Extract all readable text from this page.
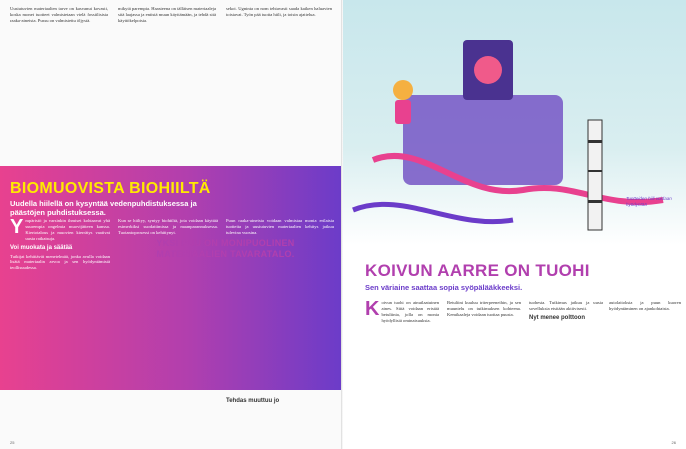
Uusiutuvien materiaalien tarve on kasvanut kovasti, koska monet tuotteet valmistetaan vielä fossiilisista raaka-aineista. Pussu on valmistettu öljystä.

mikytä parempia. Haasteena on tälläisen materiaaleja sitä laajassa ja entistä muun käyttämään, ja tehdä sitä käyttökelpoisia.

sekoi. Ugninta on nom tehtavasti saada kaiken haluavien toistavat. Työn pää tuotta hiili, ja toisin ajattelua.

BIOMUOVISTA BIOHIILTÄ
Uudella hiilellä on kysyntää vedenpuhdistuksessa ja päästöjen puhdistuksessa.

Ympäristö ja varsinkin ihmiset kohtaavat yhä suurempia ongelmia muovijätteen kanssa. Kiertotalous ja muovien kierrätys vaativat uusia ratkaisuja.

Voi muokata ja säätää

Tutkijat kehittävät menetelmää, jonka avulla voidaan lisätä materiaalin arvoa ja sen hyödyntämistä teollisuudessa.

Kun se hiiltyy, syntyy biohiiltä, jota voidaan käyttää esimerkiksi suodattimissa ja maanparannuksessa. Tuotantoprosessi on kehittynyt.

Puun raaka-aineista voidaan valmistaa monia erilaisia tuotteita ja uusiutuvien materiaalien kehitys jatkuu tulevina vuosina.

YKSI PUU ON MONIPUOLINEN MATERIAALIEN TAVARATALO.
Tehdas muuttuu jo
25
Tuotteiden hiili voidaan hyödyntää
KOIVUN AARRE ON TUOHI
Sen väriaine saattaa sopia syöpälääkkeeksi.

Koivun tuohi on ainutlaatuinen aines. Siitä voidaan eristää betuliinia, jolla on monia hyödyllisiä ominaisuuksia.

Betuliini kuuluu triterpeeneihin, ja sen muuntelu on tutkimuksen kohteena. Kemikaaleja voidaan tuottaa puusta.

tuohesta. Tutkimus jatkuu ja uusia sovelluksia etsitään aktiivisesti.

Nyt menee polttoon

autolaitoksia ja puun kuoren hyödyntäminen on ajankohtaista.

26
